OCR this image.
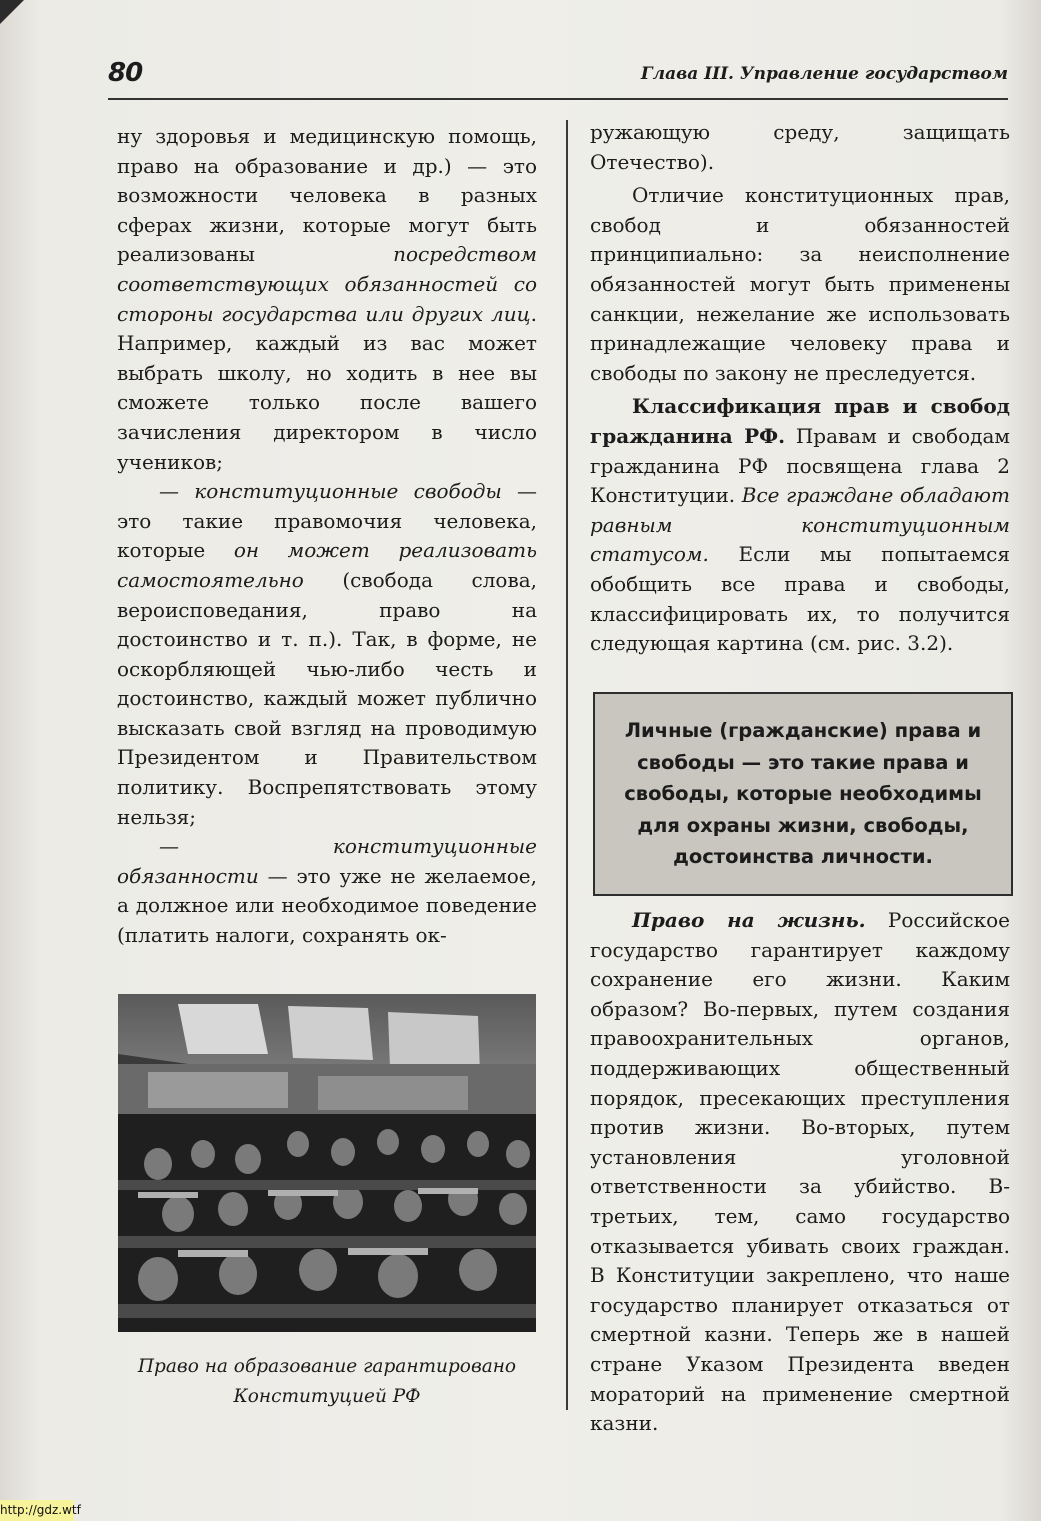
80	Глава III. Управление государством

ну здоровья и медицинскую помощь, право на образование и др.) — это возможности человека в разных сферах жизни, которые могут быть реализованы посредством соответствующих обязанностей со стороны государства или других лиц. Например, каждый из вас может выбрать школу, но ходить в нее вы сможете только после вашего зачисления директором в число учеников;

— конституционные свободы — это такие правомочия человека, которые он может реализовать самостоятельно (свобода слова, вероисповедания, право на достоинство и т. п.). Так, в форме, не оскорбляющей чью-либо честь и достоинство, каждый может публично высказать свой взгляд на проводимую Президентом и Правительством политику. Воспрепятствовать этому нельзя;

— конституционные обязанности — это уже не желаемое, а должное или необходимое поведение (платить налоги, сохранять ок-

Право на образование гарантировано
Конституцией РФ

ружающую среду, защищать Отечество).

Отличие конституционных прав, свобод и обязанностей принципиально: за неисполнение обязанностей могут быть применены санкции, нежелание же использовать принадлежащие человеку права и свободы по закону не преследуется.

Классификация прав и свобод гражданина РФ. Правам и свободам гражданина РФ посвящена глава 2 Конституции. Все граждане обладают равным конституционным статусом. Если мы попытаемся обобщить все права и свободы, классифицировать их, то получится следующая картина (см. рис. 3.2).

Личные (гражданские) права и свободы — это такие права и свободы, которые необходимы для охраны жизни, свободы, достоинства личности.

Право на жизнь. Российское государство гарантирует каждому сохранение его жизни. Каким образом? Во-первых, путем создания правоохранительных органов, поддерживающих общественный порядок, пресекающих преступления против жизни. Во-вторых, путем установления уголовной ответственности за убийство. В-третьих, тем, само государство отказывается убивать своих граждан. В Конституции закреплено, что наше государство планирует отказаться от смертной казни. Теперь же в нашей стране Указом Президента введен мораторий на применение смертной казни.

http://gdz.wtf
